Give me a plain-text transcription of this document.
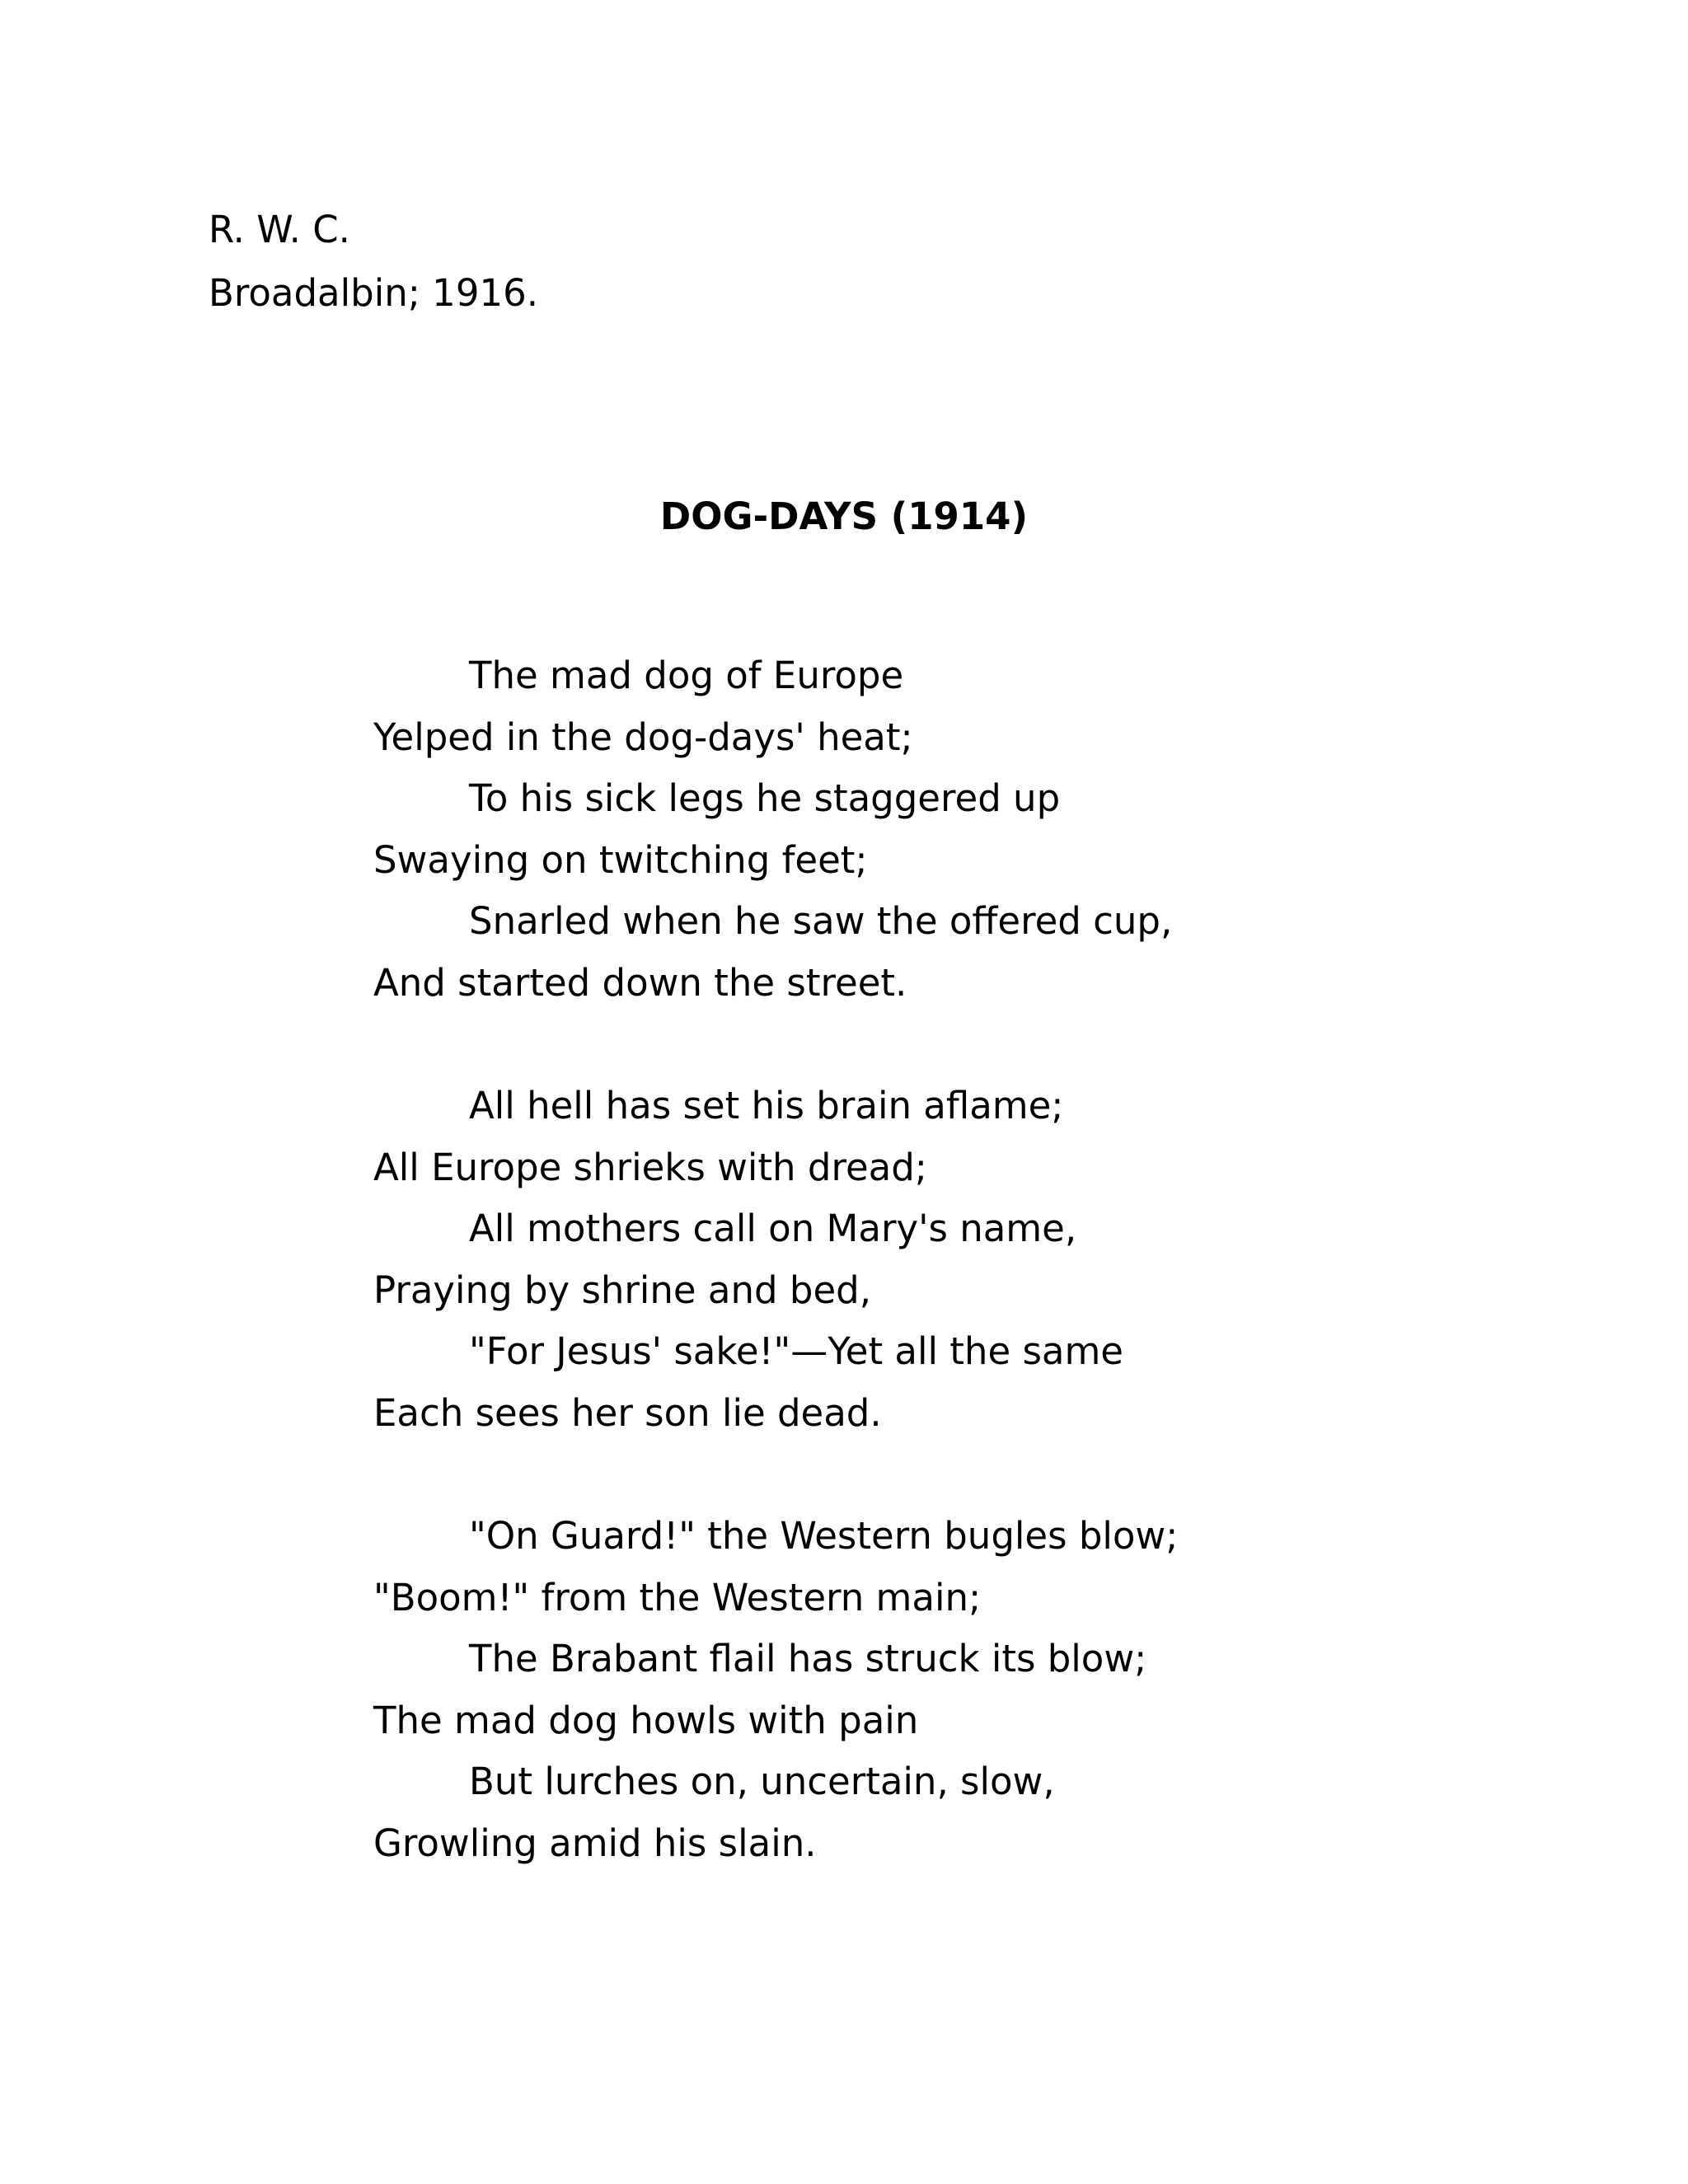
R. W. C.
Broadalbin; 1916.
DOG-DAYS (1914)
The mad dog of Europe
Yelped in the dog-days' heat;
To his sick legs he staggered up
Swaying on twitching feet;
Snarled when he saw the offered cup,
And started down the street.
All hell has set his brain aflame;
All Europe shrieks with dread;
All mothers call on Mary's name,
Praying by shrine and bed,
"For Jesus' sake!"—Yet all the same
Each sees her son lie dead.
"On Guard!" the Western bugles blow;
"Boom!" from the Western main;
The Brabant flail has struck its blow;
The mad dog howls with pain
But lurches on, uncertain, slow,
Growling amid his slain.
